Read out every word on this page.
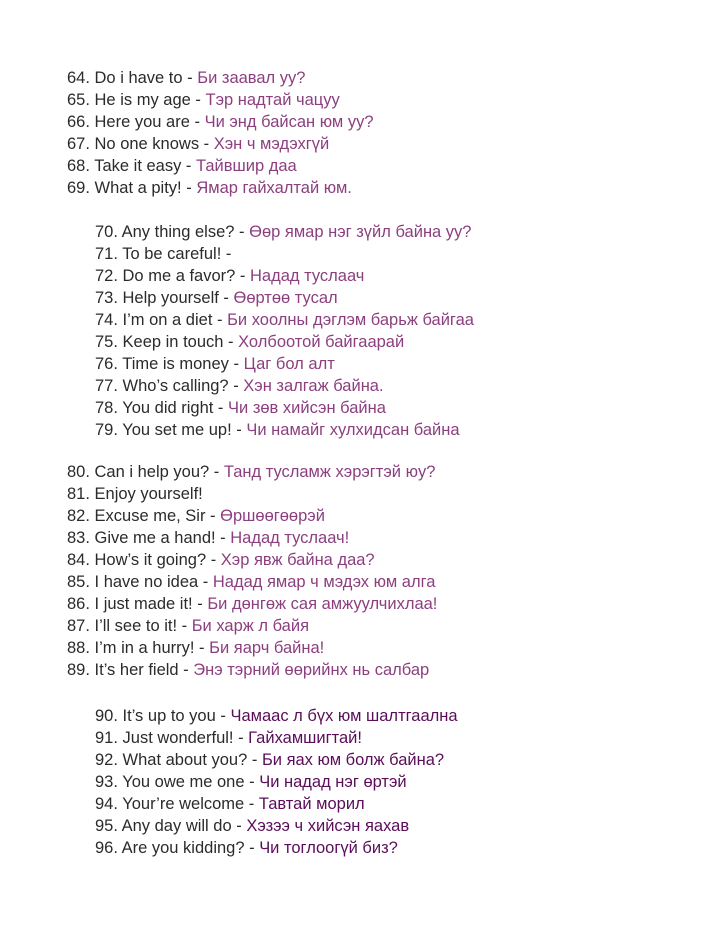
64. Do i have to - Би заавал уу?
65. He is my age - Тэр надтай чацуу
66. Here you are - Чи энд байсан юм уу?
67. No one knows - Хэн ч мэдэхгүй
68. Take it easy - Тайвшир даа
69. What a pity! - Ямар гайхалтай юм.
70. Any thing else? - Өөр ямар нэг зүйл байна уу?
71. To be careful! -
72. Do me a favor? - Надад туслаач
73. Help yourself - Өөртөө тусал
74. I’m on a diet - Би хоолны дэглэм барьж байгаа
75. Keep in touch - Холбоотой байгаарай
76. Time is money - Цаг бол алт
77. Who’s calling? - Хэн залгаж байна.
78. You did right - Чи зөв хийсэн байна
79. You set me up! - Чи намайг хулхидсан байна
80. Can i help you? - Танд тусламж хэрэгтэй юу?
81. Enjoy yourself!
82. Excuse me, Sir - Өршөөгөөрэй
83. Give me a hand! - Надад туслаач!
84. How’s it going? - Хэр явж байна даа?
85. I have no idea - Надад ямар ч мэдэх юм алга
86. I just made it! - Би дөнгөж сая амжуулчихлаа!
87. I’ll see to it! - Би харж л байя
88. I’m in a hurry! - Би яарч байна!
89. It’s her field - Энэ тэрний өөрийнх нь салбар
90. It’s up to you - Чамаас л бүх юм шалтгаална
91. Just wonderful! - Гайхамшигтай!
92. What about you? - Би яах юм болж байна?
93. You owe me one - Чи надад нэг өртэй
94. Your’re welcome - Тавтай морил
95. Any day will do - Хэзээ ч хийсэн яахав
96. Are you kidding? - Чи тоглоогүй биз?
